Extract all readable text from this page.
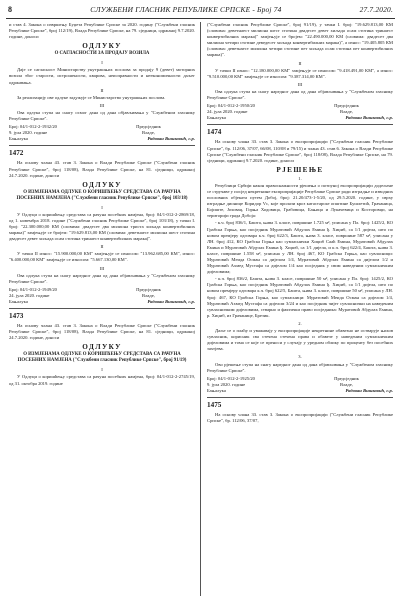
8	СЛУЖБЕНИ ГЛАСНИК РЕПУБЛИКЕ СРПСКЕ - Број 74	27.7.2020.

и став 4. Закона о извршењу Буџета Републике Српске за 2020. годину ("Службени гласник Републике Српске", број 112/19), Влада Републике Српске, на 79. сједници, одржаној 9.7.2020. године, доноси

ОДЛУКУ
О САГЛАСНОСТИ ЗА ПРОДАЈУ ВОЗИЛА
I

Даје се сагласност Министарству унутрашњих послова за продају 9 (девет) моторних возила због старости, истрошености, кварова, неисправности и неекономичности даљег одржавања.

II

За реализацију ове одлуке задужује се Министарство унутрашњих послова.

III

Ова одлука ступа на снагу осмог дана од дана објављивања у "Службеном гласнику Републике Српске".

Број: 04/1-012-2-1932/20	Предсједник
9. јула 2020. године	Владе,
Бањалука	Радован Вишковић, с.р.
1472

На основу члана 43. став 3. Закона о Влади Републике Српске ("Службени гласник Републике Српске", број 118/08), Влада Републике Српске, на 81. сједници, одржаној 24.7.2020. године, доноси

ОДЛУКУ
О ИЗМЈЕНАМА ОДЛУКЕ О КОРИШЋЕЊУ СРЕДСТАВА СА РАЧУНА ПОСЕБНИХ НАМЈЕНА ("Службени гласник Републике Српске", број 103/18)
I

У Одлуци о коришћењу средстава са рачуна посебних намјена, број: 04/1-012-2-2869/18, од 1. новембра 2018. године ("Службени гласник Републике Српске", број 103/18), у тачки I. број: "22.300.000,00 КМ (словима: двадесет два милиона триста хиљада конвертибилних марака)" замјењује се бројем: "19.629.813,00 КМ (словима: деветнаест милиона шест стотина двадесет девет хиљада осам стотина тринаест конвертибилних марака)".

II

У тачки II износ: "15.900.000,00 КМ" замјењује се износом: "13.962.685,00 КМ", износ: "6.400.000,00 КМ" замјењује се износом: "5.667.130,00 КМ".

III

Ова одлука ступа на снагу наредног дана од дана објављивања у "Службеном гласнику Републике Српске".

Број: 04/1-012-2-1949/20	Предсједник
24. јула 2020. године	Владе,
Бањалука	Радован Вишковић, с.р.
1473

На основу члана 43. став 3. Закона о Влади Републике Српске ("Службени гласник Републике Српске", број 118/08), Влада Републике Српске, на 81. сједници, одржаној 24.7.2020. године, доноси

ОДЛУКУ
О ИЗМЈЕНАМА ОДЛУКЕ О КОРИШЋЕЊУ СРЕДСТАВА СА РАЧУНА ПОСЕБНИХ НАМЈЕНА ("Службени гласник Републике Српске", број 91/19)
I

У Одлуци о коришћењу средстава са рачуна посебних намјена, број: 04/1-012-2-2745/19, од 31. октобра 2019. године

("Службени гласник Републике Српске", број 91/19), у тачки I. број: "19.629.813,00 КМ (словима: деветнаест милиона шест стотина двадесет девет хиљада осам стотина тринаест конвертибилних марака)" замјењује се бројем: "22.490.000,00 КМ (словима: двадесет два милиона четири стотине деведесет хиљада конвертибилних марака)", а износ: "19.405.805 КМ (словима: деветнаест милиона четири стотине пет хиљада осам стотина пет конвертибилних марака)".

II

У тачки II износ: "12.180.000,00 КМ" замјењује се износом: "9.418.491,00 КМ", а износ: "9.510.000,00 КМ" замјењује се износом: "9.387.314,00 КМ".

III

Ова одлука ступа на снагу наредног дана од дана објављивања у "Службеном гласнику Републике Српске".

Број: 04/1-012-2-1950/20	Предсједник
24. јула 2020. године	Владе,
Бањалука	Радован Вишковић, с.р.
1474

На основу члана 33. став 3. Закона о експропријацији ("Службени гласник Републике Српске", бр. 112/06, 37/07, 66/08, 110/08 и 79/15) и члана 43. став 6. Закона о Влади Републике Српске ("Службени гласник Републике Српске", број 118/08), Влада Републике Српске, на 79. сједници, одржаној 9.7.2020. године, доноси

РЈЕШЕЊЕ
1.

Републици Србији након правоснажности рјешења о потпуној експропријацији додељене се стручаве у посјед некретнине експропријације Републике Српске ради изградње и изводних пословних објеката путем Добој, број: 21.20/473-1-5/20, од 29.5.2020. године, у сврху изградње дионице Коридор Vc, које пролази кроз катастарске општине Бушлетић, Грачаница, Бојиште, Јоховац, Горња Ходовица, Грабовица, Бањица и Лукачевица и Косторовци, на територији града Добоја:

- к.ч. број 836/1, Башта, њива 3. класе, површине 1.725 м², уписана у Пл. број: 1425/2, КО Грабска Горња, као посједник Муратовић Абдулах Емина ђ. Хиџиб, са 1/1 дијела, што по новом премјеру одговара к.ч. број 622/3, Башта, њива 3. класе, површине 587 м², уписана у ЛН. број 412, КО Грабска Горња као сувласнички Хиџиб Сааћ Емина, Муратовић Абдулах Емина и Муратовић Абдулах Емина ђ. Хиџиб, са 1/1 дијела, и к.ч. број 622/4, Башта, њива 3. класе, површине 1.558 м², уписана у ЛН. број 467, КО Грабска Горња, као сувласници: Муратовић Меида Осман са дијелом 1/4, Муратовић Абдулах Емина са дијелом 1/2 и Муратовић Ахмед Мустафа са дијелом 1/4 као посједник у свим наведеним сувласничким дијеловима;

- к.ч. број 836/2, Башта, њива 3. класе, површине 50 м², уписана у Пл. број: 1425/2, КО Грабска Горња, као посједник Муратовић Абдулах Емина ђ. Хиџиб, са 1/1 дијела, што по новом премјеру одговара к.ч. број 622/5, Башта, њива 3. класе, површине 50 м², уписана у ЛН. број: 467, КО Грабска Горња, као сувласници: Муратовић Меида Осман са дијелом 1/4, Муратовић Ахмед Мустафа са дијелом 3/24 и као посједник чијег сувласнички на наведеним сувласничким дијеловима, стварно и фактички право посједника: Муратовић Абдулах Емина, р. Хиџиб, из Грачанице, Брезик.

2.

Даље се о плаћу и уважавају у експропријације некретнине обавезно не остварује њихов сувласник, корисник сва стечена стечена права и обавезе у наведеним сувласничким дијеловима и тома се које се преноси у случају у уредном облику по проценту без посебних захтјева.

3.

Ово рјешење ступа на снагу наредног дана од дана објављивања у "Службеном гласнику Републике Српске".

Број: 04/1-012-2-1925/20	Предсједник
9. јула 2020. године	Владе,
Бањалука	Радован Вишковић, с.р.
1475

На основу члана 33. став 3. Закона о експропријацији ("Службени гласник Републике Српске", бр. 112/06, 37/07,
